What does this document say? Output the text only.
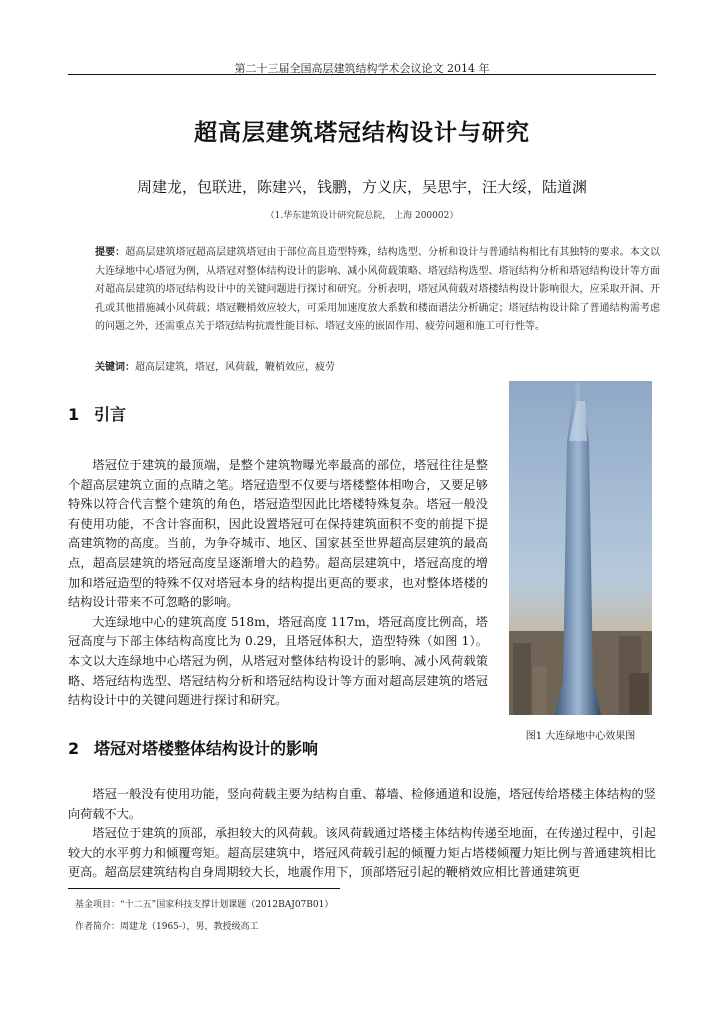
第二十三届全国高层建筑结构学术会议论文 2014 年
超高层建筑塔冠结构设计与研究
周建龙，包联进，陈建兴，钱鹏，方义庆，吴思宇，汪大绥，陆道渊
（1.华东建筑设计研究院总院， 上海 200002）
提要：超高层建筑塔冠超高层建筑塔冠由于部位高且造型特殊，结构选型、分析和设计与普通结构相比有其独特的要求。本文以大连绿地中心塔冠为例，从塔冠对整体结构设计的影响、减小风荷载策略、塔冠结构选型、塔冠结构分析和塔冠结构设计等方面对超高层建筑的塔冠结构设计中的关键问题进行探讨和研究。分析表明，塔冠风荷载对塔楼结构设计影响很大，应采取开洞、开孔或其他措施减小风荷载；塔冠鞭梢效应较大，可采用加速度放大系数和楼面谱法分析确定；塔冠结构设计除了普通结构需考虑的问题之外，还需重点关于塔冠结构抗震性能目标、塔冠支座的嵌固作用、疲劳问题和施工可行性等。
关键词：超高层建筑，塔冠，风荷载，鞭梢效应，疲劳
1 引言

塔冠位于建筑的最顶端，是整个建筑物曝光率最高的部位，塔冠往往是整个超高层建筑立面的点睛之笔。塔冠造型不仅要与塔楼整体相吻合，又要足够特殊以符合代言整个建筑的角色，塔冠造型因此比塔楼特殊复杂。塔冠一般没有使用功能，不含计容面积，因此设置塔冠可在保持建筑面积不变的前提下提高建筑物的高度。当前，为争夺城市、地区、国家甚至世界超高层建筑的最高点，超高层建筑的塔冠高度呈逐渐增大的趋势。超高层建筑中，塔冠高度的增加和塔冠造型的特殊不仅对塔冠本身的结构提出更高的要求，也对整体塔楼的结构设计带来不可忽略的影响。

大连绿地中心的建筑高度 518m，塔冠高度 117m，塔冠高度比例高，塔冠高度与下部主体结构高度比为 0.29，且塔冠体积大，造型特殊（如图 1）。本文以大连绿地中心塔冠为例，从塔冠对整体结构设计的影响、减小风荷载策略、塔冠结构选型、塔冠结构分析和塔冠结构设计等方面对超高层建筑的塔冠结构设计中的关键问题进行探讨和研究。

图1 大连绿地中心效果图
2 塔冠对塔楼整体结构设计的影响

塔冠一般没有使用功能，竖向荷载主要为结构自重、幕墙、检修通道和设施，塔冠传给塔楼主体结构的竖向荷载不大。

塔冠位于建筑的顶部，承担较大的风荷载。该风荷载通过塔楼主体结构传递至地面，在传递过程中，引起较大的水平剪力和倾覆弯矩。超高层建筑中，塔冠风荷载引起的倾覆力矩占塔楼倾覆力矩比例与普通建筑相比更高。超高层建筑结构自身周期较大长，地震作用下，顶部塔冠引起的鞭梢效应相比普通建筑更

基金项目：“十二五”国家科技支撑计划课题（2012BAJ07B01）
作者简介：周建龙（1965-），男，教授级高工
